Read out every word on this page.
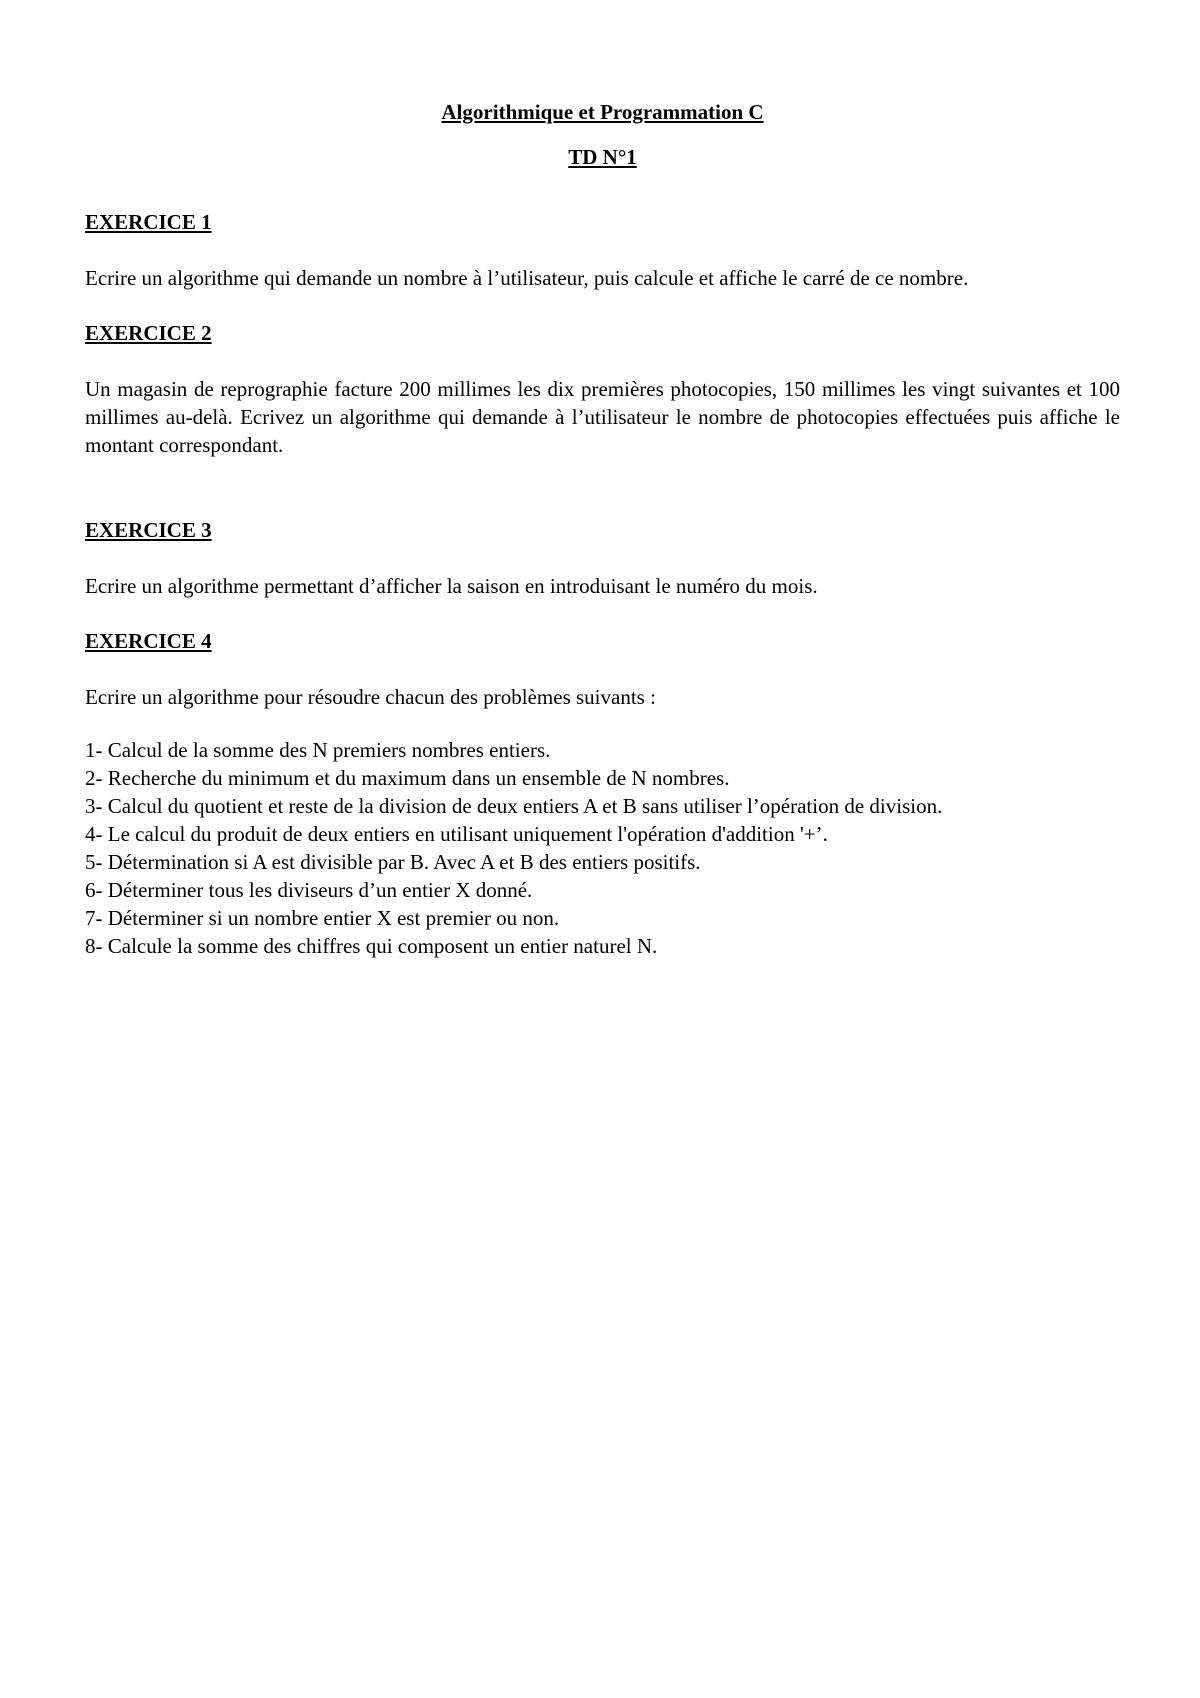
Algorithmique et Programmation C
TD N°1
EXERCICE 1
Ecrire un algorithme qui demande un nombre à l’utilisateur, puis calcule et affiche le carré de ce nombre.
EXERCICE 2
Un magasin de reprographie facture 200 millimes les dix premières photocopies, 150 millimes les vingt suivantes et 100 millimes au-delà. Ecrivez un algorithme qui demande à l’utilisateur le nombre de photocopies effectuées puis affiche le montant correspondant.
EXERCICE 3
Ecrire un algorithme permettant d’afficher la saison en introduisant le numéro du mois.
EXERCICE 4
Ecrire un algorithme pour résoudre chacun des problèmes suivants :
1- Calcul de la somme des N premiers nombres entiers.
2- Recherche du minimum et du maximum dans un ensemble de N nombres.
3- Calcul du quotient et reste de la division de deux entiers A et B sans utiliser l’opération de division.
4- Le calcul du produit de deux entiers en utilisant uniquement l'opération d'addition '+’.
5- Détermination si A est divisible par B. Avec A et B des entiers positifs.
6- Déterminer tous les diviseurs d’un entier X donné.
7- Déterminer si un nombre entier X est premier ou non.
8- Calcule la somme des chiffres qui composent un entier naturel N.
